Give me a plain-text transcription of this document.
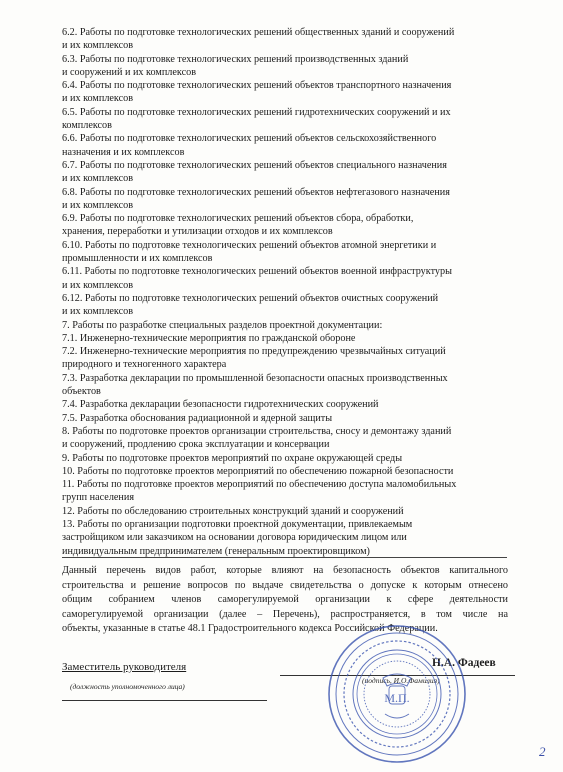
6.2. Работы по подготовке технологических решений общественных зданий и сооружений
и их комплексов
6.3. Работы по подготовке технологических решений производственных зданий
и сооружений и их комплексов
6.4. Работы по подготовке технологических решений объектов транспортного назначения
и их комплексов
6.5. Работы по подготовке технологических решений гидротехнических сооружений и их
комплексов
6.6. Работы по подготовке технологических решений объектов сельскохозяйственного
назначения и их комплексов
6.7. Работы по подготовке технологических решений объектов специального назначения
и их комплексов
6.8. Работы по подготовке технологических решений объектов нефтегазового назначения
и их комплексов
6.9. Работы по подготовке технологических решений объектов сбора, обработки,
хранения, переработки и утилизации отходов и их комплексов
6.10. Работы по подготовке технологических решений объектов атомной энергетики и
промышленности и их комплексов
6.11. Работы по подготовке технологических решений объектов военной инфраструктуры
и их комплексов
6.12. Работы по подготовке технологических решений объектов очистных сооружений
и их комплексов
7. Работы по разработке специальных разделов проектной документации:
7.1. Инженерно-технические мероприятия по гражданской обороне
7.2. Инженерно-технические мероприятия по предупреждению чрезвычайных ситуаций
природного и техногенного характера
7.3. Разработка декларации по промышленной безопасности опасных производственных
объектов
7.4. Разработка декларации безопасности гидротехнических сооружений
7.5. Разработка обоснования радиационной и ядерной защиты
8. Работы по подготовке проектов организации строительства, сносу и демонтажу зданий
и сооружений, продлению срока эксплуатации и консервации
9. Работы по подготовке проектов мероприятий по охране окружающей среды
10. Работы по подготовке проектов мероприятий по обеспечению пожарной безопасности
11. Работы по подготовке проектов мероприятий по обеспечению доступа маломобильных
групп населения
12. Работы по обследованию строительных конструкций зданий и сооружений
13. Работы по организации подготовки проектной документации, привлекаемым
застройщиком или заказчиком на основании договора юридическим лицом или
индивидуальным предпринимателем (генеральным проектировщиком)
Данный перечень видов работ, которые влияют на безопасность объектов капитального
строительства и решение вопросов по выдаче свидетельства о допуске к которым отнесено
общим собранием членов саморегулируемой организации к сфере деятельности
саморегулируемой организации (далее – Перечень), распространяется, в том числе на
объекты, указанные в статье 48.1 Градостроительного кодекса Российской Федерации.
Заместитель руководителя
(должность уполномоченного лица)
Н.А. Фадеев
(подпись, И.О.Фамилия)
М.П.
2
